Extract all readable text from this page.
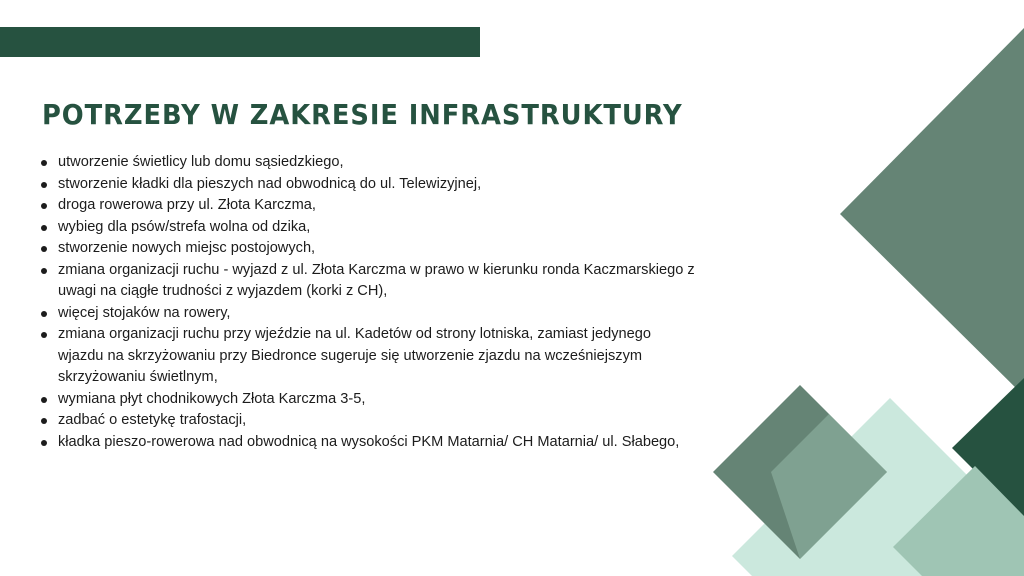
POTRZEBY W ZAKRESIE INFRASTRUKTURY
utworzenie świetlicy lub domu sąsiedzkiego,
stworzenie kładki dla pieszych nad obwodnicą do ul. Telewizyjnej,
droga rowerowa przy ul. Złota Karczma,
wybieg dla psów/strefa wolna od dzika,
stworzenie nowych miejsc postojowych,
zmiana organizacji ruchu - wyjazd z ul. Złota Karczma w prawo w kierunku ronda Kaczmarskiego z uwagi na ciągłe trudności z wyjazdem (korki z CH),
więcej stojaków na rowery,
zmiana organizacji ruchu przy wjeździe na ul. Kadetów od strony lotniska, zamiast jedynego wjazdu na skrzyżowaniu przy Biedronce sugeruje się utworzenie zjazdu na wcześniejszym skrzyżowaniu świetlnym,
wymiana płyt chodnikowych Złota Karczma 3-5,
zadbać o estetykę trafostacji,
kładka pieszo-rowerowa nad obwodnicą na wysokości PKM Matarnia/ CH Matarnia/ ul. Słabego,
